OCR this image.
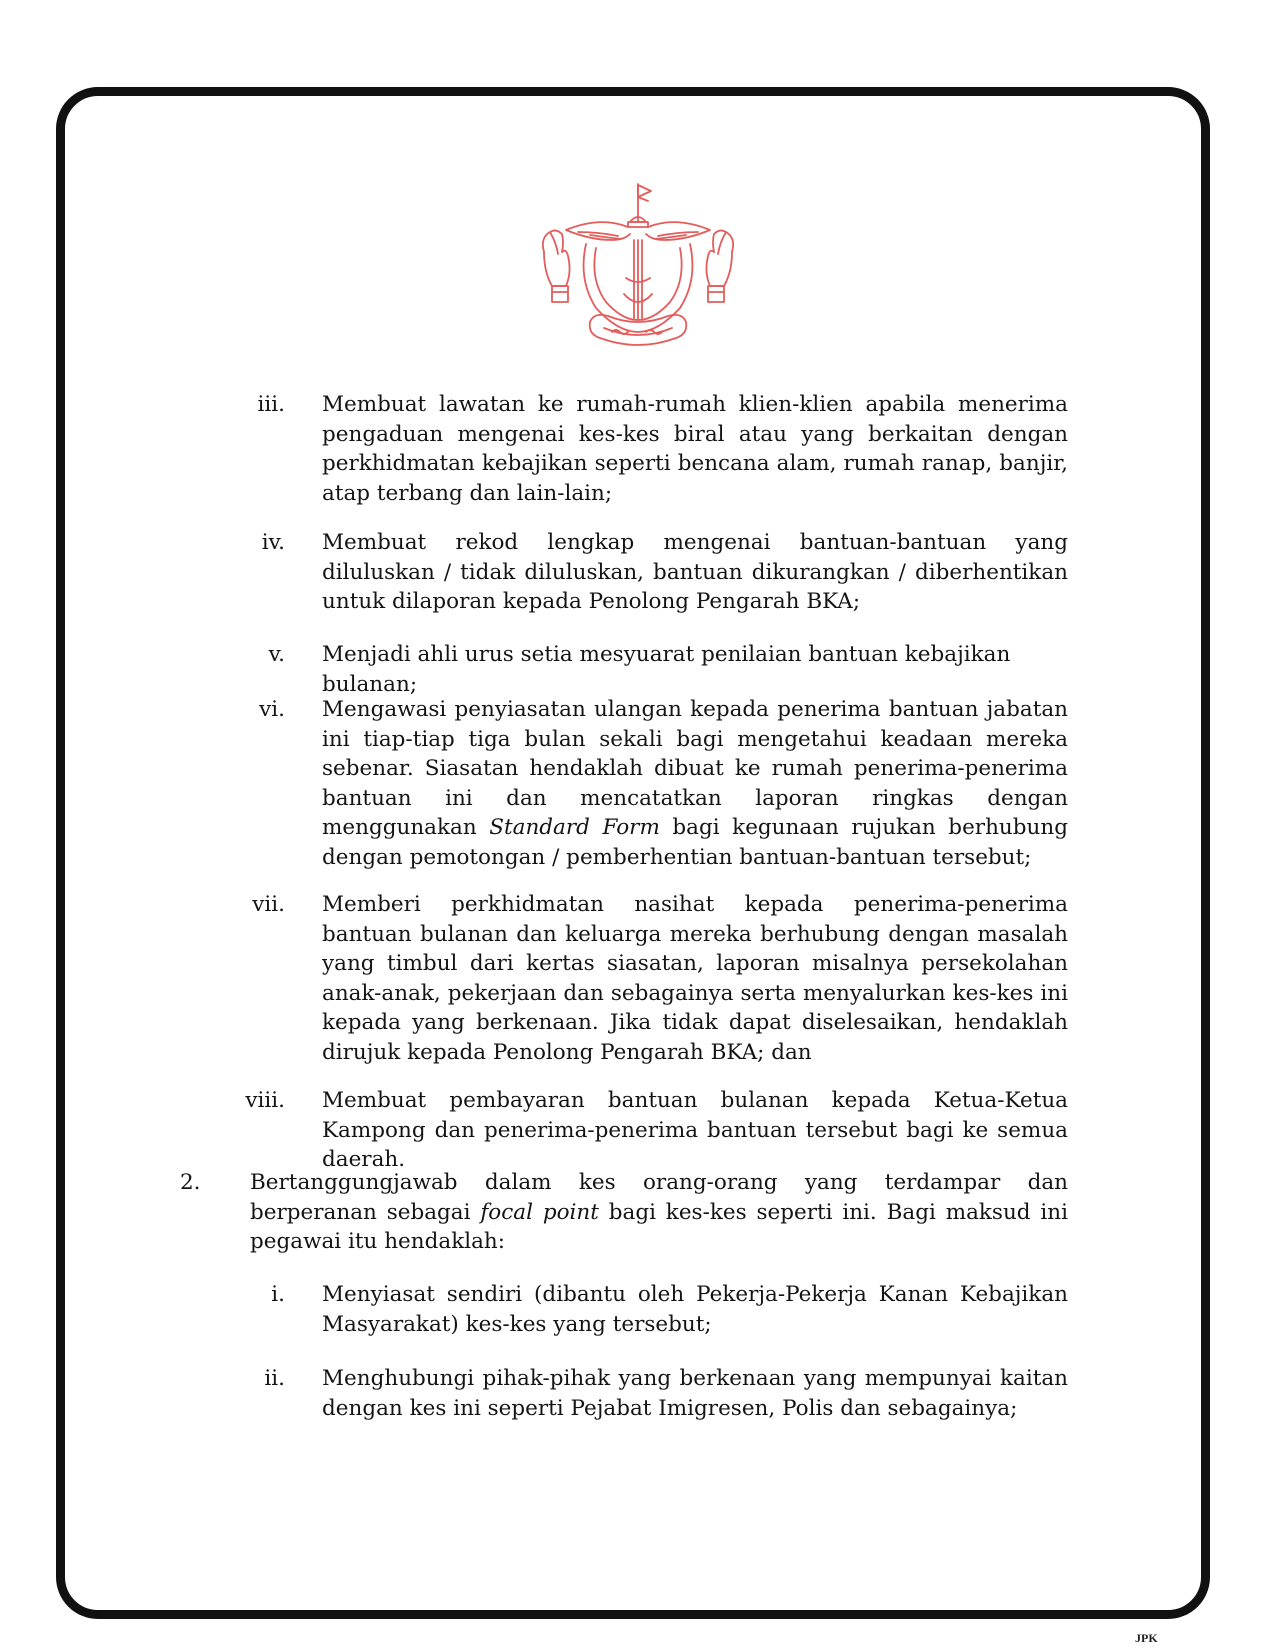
iii. Membuat lawatan ke rumah-rumah klien-klien apabila menerima pengaduan mengenai kes-kes biral atau yang berkaitan dengan perkhidmatan kebajikan seperti bencana alam, rumah ranap, banjir, atap terbang dan lain-lain;
iv. Membuat rekod lengkap mengenai bantuan-bantuan yang diluluskan / tidak diluluskan, bantuan dikurangkan / diberhentikan untuk dilaporan kepada Penolong Pengarah BKA;
v. Menjadi ahli urus setia mesyuarat penilaian bantuan kebajikan bulanan;
vi. Mengawasi penyiasatan ulangan kepada penerima bantuan jabatan ini tiap-tiap tiga bulan sekali bagi mengetahui keadaan mereka sebenar. Siasatan hendaklah dibuat ke rumah penerima-penerima bantuan ini dan mencatatkan laporan ringkas dengan menggunakan Standard Form bagi kegunaan rujukan berhubung dengan pemotongan / pemberhentian bantuan-bantuan tersebut;
vii. Memberi perkhidmatan nasihat kepada penerima-penerima bantuan bulanan dan keluarga mereka berhubung dengan masalah yang timbul dari kertas siasatan, laporan misalnya persekolahan anak-anak, pekerjaan dan sebagainya serta menyalurkan kes-kes ini kepada yang berkenaan. Jika tidak dapat diselesaikan, hendaklah dirujuk kepada Penolong Pengarah BKA; dan
viii. Membuat pembayaran bantuan bulanan kepada Ketua-Ketua Kampong dan penerima-penerima bantuan tersebut bagi ke semua daerah.
2. Bertanggungjawab dalam kes orang-orang yang terdampar dan berperanan sebagai focal point bagi kes-kes seperti ini. Bagi maksud ini pegawai itu hendaklah:
i. Menyiasat sendiri (dibantu oleh Pekerja-Pekerja Kanan Kebajikan Masyarakat) kes-kes yang tersebut;
ii. Menghubungi pihak-pihak yang berkenaan yang mempunyai kaitan dengan kes ini seperti Pejabat Imigresen, Polis dan sebagainya;
JPK
